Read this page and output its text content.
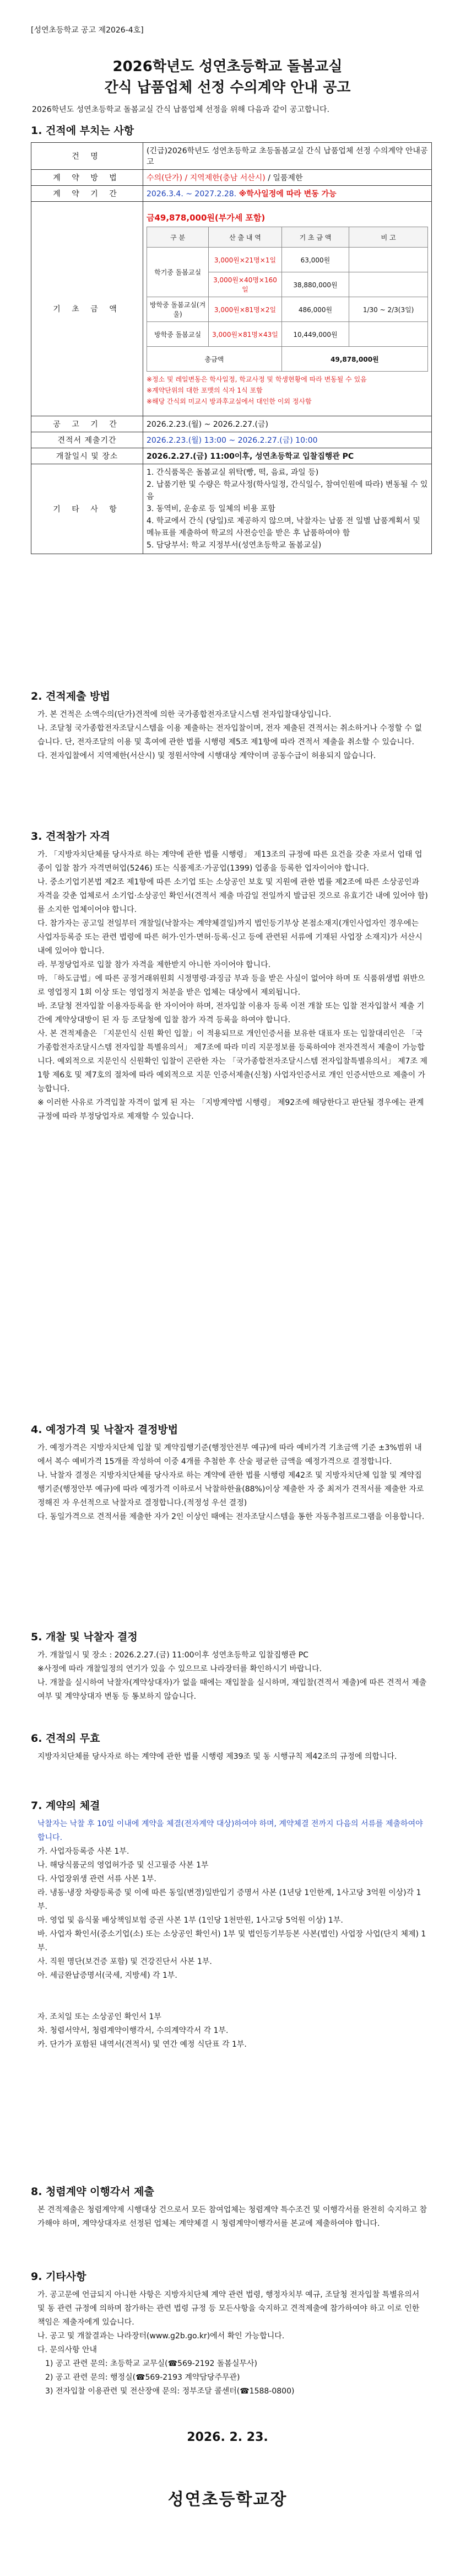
[성연초등학교 공고 제2026-4호]
2026학년도 성연초등학교 돌봄교실
간식 납품업체 선정 수의계약 안내 공고
2026학년도 성연초등학교 돌봄교실 간식 납품업체 선정을 위해 다음과 같이 공고합니다.
1. 건적에 부치는 사항
건 명	(긴급)2026학년도 성연초등학교 초등돌봄교실 간식 납품업체 선정 수의계약 안내공고
계 약 방 법	수의(단가) / 지역제한(충남 서산시) / 일품제한
계 약 기 간	2026.3.4. ~ 2027.2.28. ※학사일정에 따라 변동 가능
기 초 금 액	
금49,878,000원(부가세 포함)
구 분	산 출 내 역	기 초 금 액	비 고
학기중 돌봄교실	3,000원×21명×1일	63,000원	
3,000원×40명×160일	38,880,000원	
방학중 돌봄교실(겨울)	3,000원×81명×2일	486,000원	1/30 ~ 2/3(3일)
방학중 돌봄교실	3,000원×81명×43일	10,449,000원	
총금액	49,878,000원
※정소 및 레일변동은 학사일정, 학교사정 및 학생현황에 따라 변동될 수 있음
※계약단위의 대한 포맷의 식자 1식 포함
※해당 간식외 미교시 방과후교실에서 대인한 이외 정사함

공 고 기 간	2026.2.23.(월) ~ 2026.2.27.(금)
견적서 제출기간	2026.2.23.(월) 13:00 ~ 2026.2.27.(금) 10:00
개찰일시 및 장소	2026.2.27.(금) 11:00이후, 성연초등학교 입찰집행관 PC
기 타 사 항	
1. 간식품목은 돌봄교실 위탁(빵, 떡, 음료, 과일 등)
2. 납품기한 및 수량은 학교사정(학사일정, 간식일수, 참여인원에 따라) 변동될 수 있음
3. 동역비, 운송로 등 일체의 비용 포함
4. 학교에서 간식 (당일)로 제공하지 않으며, 낙찰자는 납품 전 일별 납품계획서 및 메뉴표를 제출하여 학교의 사전승인을 받은 후 납품하여야 함
5. 담당부서: 학교 지정부서(성연초등학교 돌봄교실)
2. 견적제출 방법

가. 본 건적은 소액수의(단가)견적에 의한 국가종합전자조달시스템 전자입찰대상입니다.

나. 조달청 국가종합전자조달시스템을 이용 제출하는 전자입찰이며, 전자 제출된 견적서는 취소하거나 수정할 수 없습니다. 단, 전자조달의 이용 및 혹여에 관한 법률 시행령 제5조 제1항에 따라 견적서 제출을 취소할 수 있습니다.

다. 전자입찰에서 지역제한(서산시) 및 정원서약에 시행대상 계약이며 공동수급이 허용되지 않습니다.

3. 견적참가 자격

가. 「지방자치단체를 당사자로 하는 계약에 관한 법률 시행령」 제13조의 규정에 따른 요건을 갖춘 자로서 업태 업종이 입찰 참가 자격면허업(5246) 또는 식품제조·가공업(1399) 업종을 등록한 업자이어야 합니다.

나. 중소기업기본법 제2조 제1항에 따른 소기업 또는 소상공인 보호 및 지원에 관한 법률 제2조에 따른 소상공인과 자격을 갖춘 업체로서 소기업·소상공인 확인서(견적서 제출 마감일 전일까지 발급된 것으로 유효기간 내에 있어야 함)를 소지한 업체이어야 합니다.

다. 참가자는 공고일 전일부터 개찰일(낙찰자는 계약체결일)까지 법인등기부상 본점소재지(개인사업자인 경우에는 사업자등록증 또는 관련 법령에 따른 허가·인가·면허·등록·신고 등에 관련된 서류에 기재된 사업장 소재지)가 서산시 내에 있어야 합니다.

라. 부정당업자로 입찰 참가 자격을 제한받지 아니한 자이어야 합니다.

마. 「하도급법」에 따른 공정거래위원회 시정명령·과징금 부과 등을 받은 사실이 없어야 하며 또 식품위생법 위반으로 영업정지 1회 이상 또는 영업정지 처분을 받은 업체는 대상에서 제외됩니다.

바. 조달청 전자입찰 이용자등록을 한 자이어야 하며, 전자입찰 이용자 등록 이전 개찰 또는 입찰 전자입찰서 제출 기간에 계약상대방이 된 자 등 조달청에 입찰 참가 자격 등록을 하여야 합니다.

사. 본 견적제출은 「지문인식 신원 확인 입찰」이 적용되므로 개인인증서를 보유한 대표자 또는 입찰대리인은 「국가종합전자조달시스템 전자입찰 특별유의서」 제7조에 따라 미리 지문정보를 등록하여야 전자견적서 제출이 가능합니다. 예외적으로 지문인식 신원확인 입찰이 곤란한 자는 「국가종합전자조달시스템 전자입찰특별유의서」 제7조 제1항 제6호 및 제7호의 절차에 따라 예외적으로 지문 인증서제출(신청) 사업자인증서로 개인 인증서만으로 제출이 가능합니다.

※ 이러한 사유로 가격입찰 자격이 없게 된 자는 「지방계약법 시행령」 제92조에 해당한다고 판단될 경우에는 관계규정에 따라 부정당업자로 제재할 수 있습니다.

4. 예정가격 및 낙찰자 결정방법

가. 예정가격은 지방자치단체 입찰 및 계약집행기준(행정안전부 예규)에 따라 예비가격 기초금액 기준 ±3%범위 내에서 복수 예비가격 15개를 작성하여 이중 4개를 추첨한 후 산술 평균한 금액을 예정가격으로 결정합니다.

나. 낙찰자 결정은 지방자치단체를 당사자로 하는 계약에 관한 법률 시행령 제42조 및 지방자치단체 입찰 및 계약집행기준(행정안부 예규)에 따라 예정가격 이하로서 낙찰하한율(88%)이상 제출한 자 중 최저가 견적서를 제출한 자로 정해진 자 우선적으로 낙찰자로 결정합니다.(적정성 우선 결정)

다. 동일가격으로 견적서를 제출한 자가 2인 이상인 때에는 전자조달시스템을 통한 자동추첨프로그램을 이용합니다.

5. 개찰 및 낙찰자 결정

가. 개찰일시 및 장소 : 2026.2.27.(금) 11:00이후 성연초등학교 입찰집행관 PC

※사정에 따라 개찰일정의 연기가 있을 수 있으므로 나라장터를 확인하시기 바랍니다.

나. 개찰을 실시하여 낙찰자(계약상대자)가 없을 때에는 재입찰을 실시하며, 재입찰(견적서 제출)에 따른 견적서 제출 여부 및 계약상대자 변동 등 통보하지 않습니다.

6. 견적의 무효

지방자치단체를 당사자로 하는 계약에 관한 법률 시행령 제39조 및 동 시행규칙 제42조의 규정에 의합니다.

7. 계약의 체결

낙찰자는 낙찰 후 10일 이내에 계약을 체결(전자계약 대상)하여야 하며, 계약체결 전까지 다음의 서류를 제출하여야 합니다.

가. 사업자등록증 사본 1부.

나. 해당식품군의 영업허가증 및 신고필증 사본 1부

다. 사업장위생 관련 서류 사본 1부.

라. 냉동·냉장 차량등록증 및 이에 따른 동일(변경)일반입기 증명서 사본 (1년당 1인한계, 1사고당 3억원 이상)각 1부.

마. 영업 및 음식물 배상책임보험 증권 사본 1부 (1인당 1천만원, 1사고당 5억원 이상) 1부.

바. 사업자 확인서(중소기업(소) 또는 소상공인 확인서) 1부 및 법인등기부등본 사본(법인) 사업장 사업(단지 체제) 1부.

사. 직원 명단(보건증 포함) 및 건강진단서 사본 1부.

아. 세금완납증명서(국세, 지방세) 각 1부.

자. 조치일 또는 소상공인 확인서 1부

차. 청렴서약서, 청렴계약이행각서, 수의계약각서 각 1부.

카. 단가가 포함된 내역서(견적서) 및 연간 예정 식단표 각 1부.

8. 청렴계약 이행각서 제출

본 견적제출은 청렴계약제 시행대상 건으로서 모든 참여업체는 청렴계약 특수조건 및 이행각서를 완전히 숙지하고 참가해야 하며, 계약상대자로 선정된 업체는 계약체결 시 청렴계약이행각서를 본교에 제출하여야 합니다.

9. 기타사항

가. 공고문에 언급되지 아니한 사항은 지방자치단체 계약 관련 법령, 행정자치부 예규, 조달청 전자입찰 특별유의서 및 동 관련 규정에 의하며 참가하는 관련 법령 규정 등 모든사항을 숙지하고 견적제출에 참가하여야 하고 이로 인한 책임은 제출자에게 있습니다.

나. 공고 및 개찰결과는 나라장터(www.g2b.go.kr)에서 확인 가능합니다.

다. 문의사항 안내

1) 공고 관련 문의: 초등학교 교무실(☎569-2192 돌봄실무사)

2) 공고 관련 문의: 행정실(☎569-2193 계약담당주무관)

3) 전자입찰 이용관련 및 전산장애 문의: 정부조달 콜센터(☎1588-0800)

2026. 2. 23.
성연초등학교장
